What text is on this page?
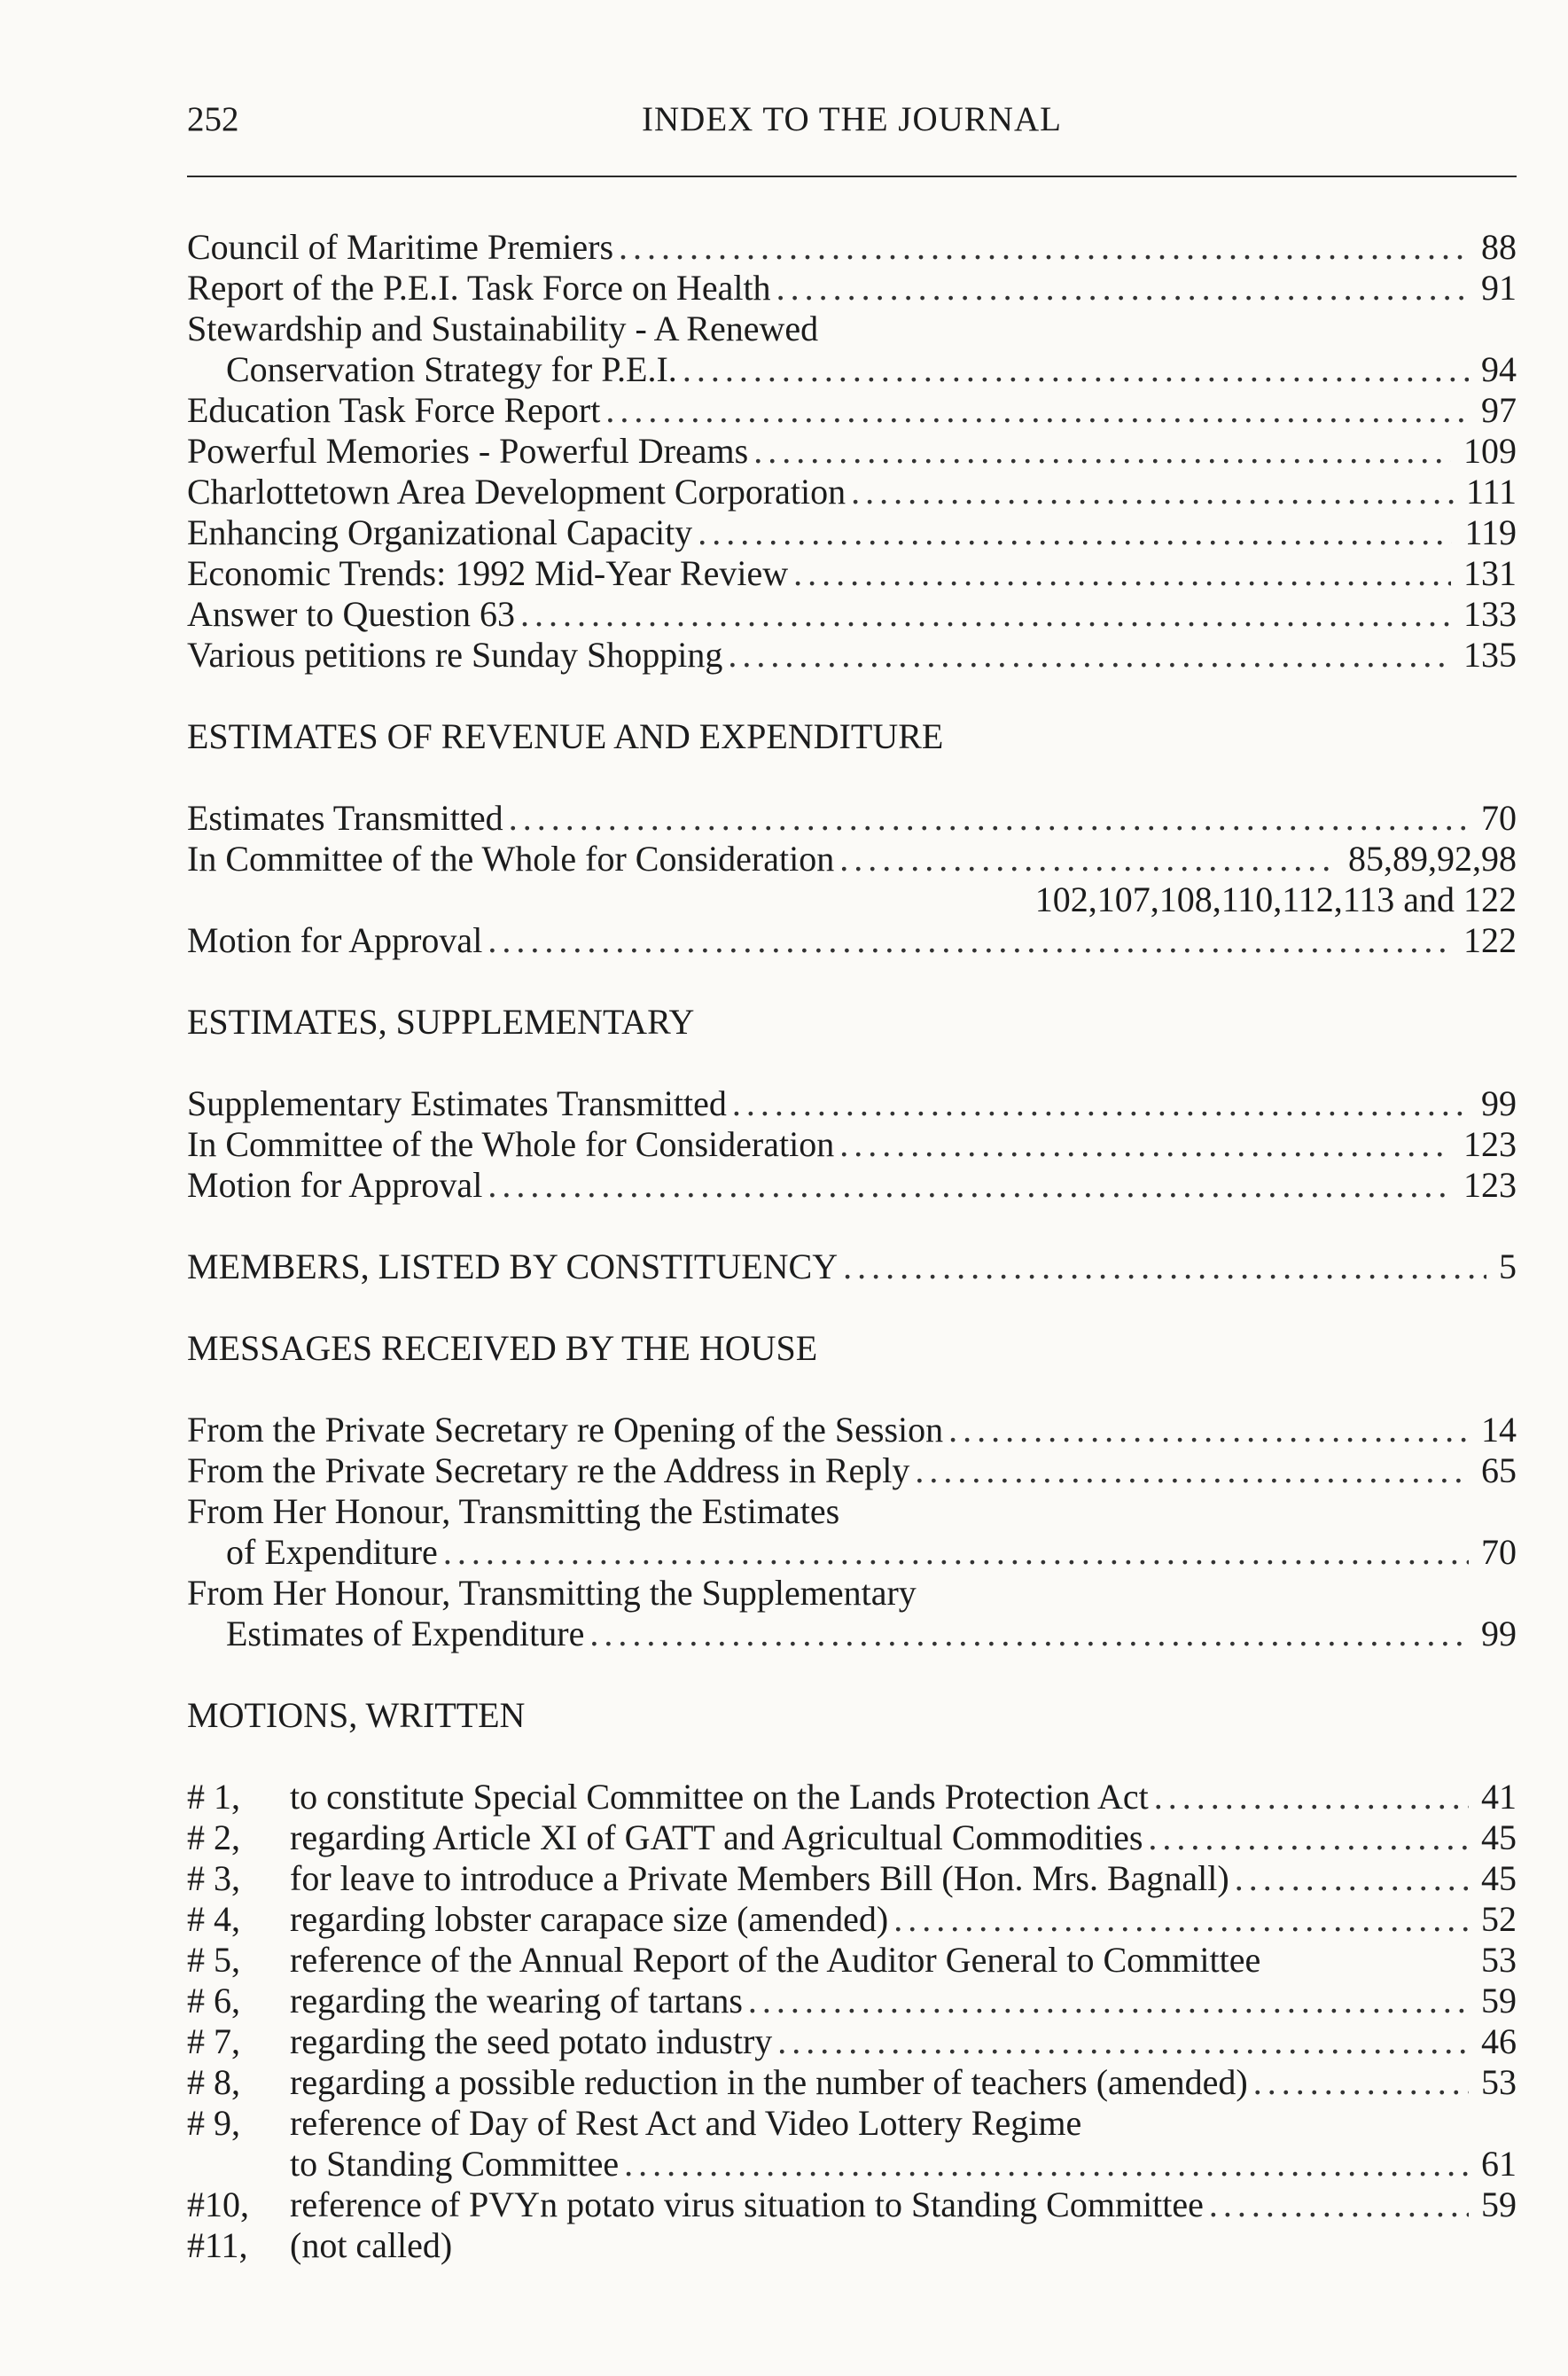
252	INDEX TO THE JOURNAL
Council of Maritime Premiers .....	88
Report of the P.E.I. Task Force on Health .....	91
Stewardship and Sustainability - A Renewed
Conservation Strategy for P.E.I. .....	94
Education Task Force Report .....	97
Powerful Memories - Powerful Dreams .....	109
Charlottetown Area Development Corporation .....	111
Enhancing Organizational Capacity .....	119
Economic Trends: 1992 Mid-Year Review .....	131
Answer to Question 63 .....	133
Various petitions re Sunday Shopping .....	135
ESTIMATES OF REVENUE AND EXPENDITURE
Estimates Transmitted .....	70
In Committee of the Whole for Consideration .....	85,89,92,98
102,107,108,110,112,113 and 122
Motion for Approval .....	122
ESTIMATES, SUPPLEMENTARY
Supplementary Estimates Transmitted .....	99
In Committee of the Whole for Consideration .....	123
Motion for Approval .....	123
MEMBERS, LISTED BY CONSTITUENCY .....	5
MESSAGES RECEIVED BY THE HOUSE
From the Private Secretary re Opening of the Session .....	14
From the Private Secretary re the Address in Reply .....	65
From Her Honour, Transmitting the Estimates
of Expenditure .....	70
From Her Honour, Transmitting the Supplementary
Estimates of Expenditure .....	99
MOTIONS, WRITTEN
# 1,	to constitute Special Committee on the Lands Protection Act .....	41
# 2,	regarding Article XI of GATT and Agricultual Commodities .....	45
# 3,	for leave to introduce a Private Members Bill (Hon. Mrs. Bagnall) .....	45
# 4,	regarding lobster carapace size (amended) .....	52
# 5,	reference of the Annual Report of the Auditor General to Committee	53
# 6,	regarding the wearing of tartans .....	59
# 7,	regarding the seed potato industry .....	46
# 8,	regarding a possible reduction in the number of teachers (amended) .....	53
# 9,	reference of Day of Rest Act and Video Lottery Regime
to Standing Committee .....	61
#10,	reference of PVYn potato virus situation to Standing Committee .....	59
#11,	(not called)
